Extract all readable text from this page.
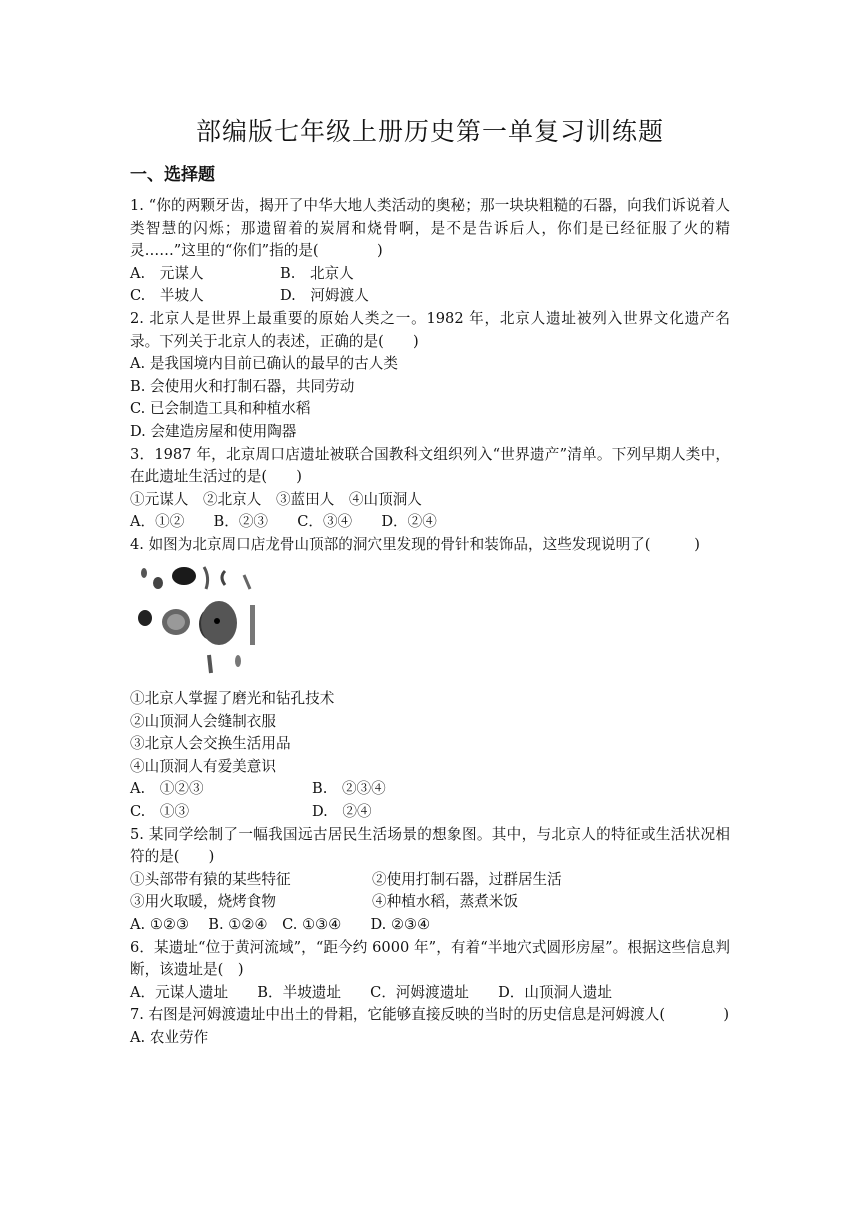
部编版七年级上册历史第一单复习训练题
一、选择题

1. “你的两颗牙齿，揭开了中华大地人类活动的奥秘；那一块块粗糙的石器，向我们诉说着人类智慧的闪烁；那遗留着的炭屑和烧骨啊，是不是告诉后人，你们是已经征服了火的精灵……”这里的“你们”指的是(　　　　)

A.　元谋人	B.　北京人
C.　半坡人	D.　河姆渡人

2. 北京人是世界上最重要的原始人类之一。1982 年，北京人遗址被列入世界文化遗产名录。下列关于北京人的表述，正确的是(　　)

A. 是我国境内目前已确认的最早的古人类

B. 会使用火和打制石器，共同劳动

C. 已会制造工具和种植水稻

D. 会建造房屋和使用陶器

3．1987 年，北京周口店遗址被联合国教科文组织列入“世界遗产”清单。下列早期人类中，在此遗址生活过的是(　　)

①元谋人　②北京人　③蓝田人　④山顶洞人

A．①②　　B．②③　　C．③④　　D．②④

4. 如图为北京周口店龙骨山顶部的洞穴里发现的骨针和装饰品，这些发现说明了(　　　)

①北京人掌握了磨光和钻孔技术

②山顶洞人会缝制衣服

③北京人会交换生活用品

④山顶洞人有爱美意识

A.　①②③	B.　②③④
C.　①③	D.　②④

5. 某同学绘制了一幅我国远古居民生活场景的想象图。其中，与北京人的特征或生活状况相符的是(　　)

①头部带有猿的某些特征	②使用打制石器，过群居生活
③用火取暖，烧烤食物	④种植水稻，蒸煮米饭

A. ①②③　 B. ①②④　C. ①③④　　D. ②③④

6．某遗址“位于黄河流域”，“距今约 6000 年”，有着“半地穴式圆形房屋”。根据这些信息判断，该遗址是(　)

A．元谋人遗址　　B．半坡遗址　　C．河姆渡遗址　　D．山顶洞人遗址

7. 右图是河姆渡遗址中出土的骨耜，它能够直接反映的当时的历史信息是河姆渡人(　　　　)

A. 农业劳作
